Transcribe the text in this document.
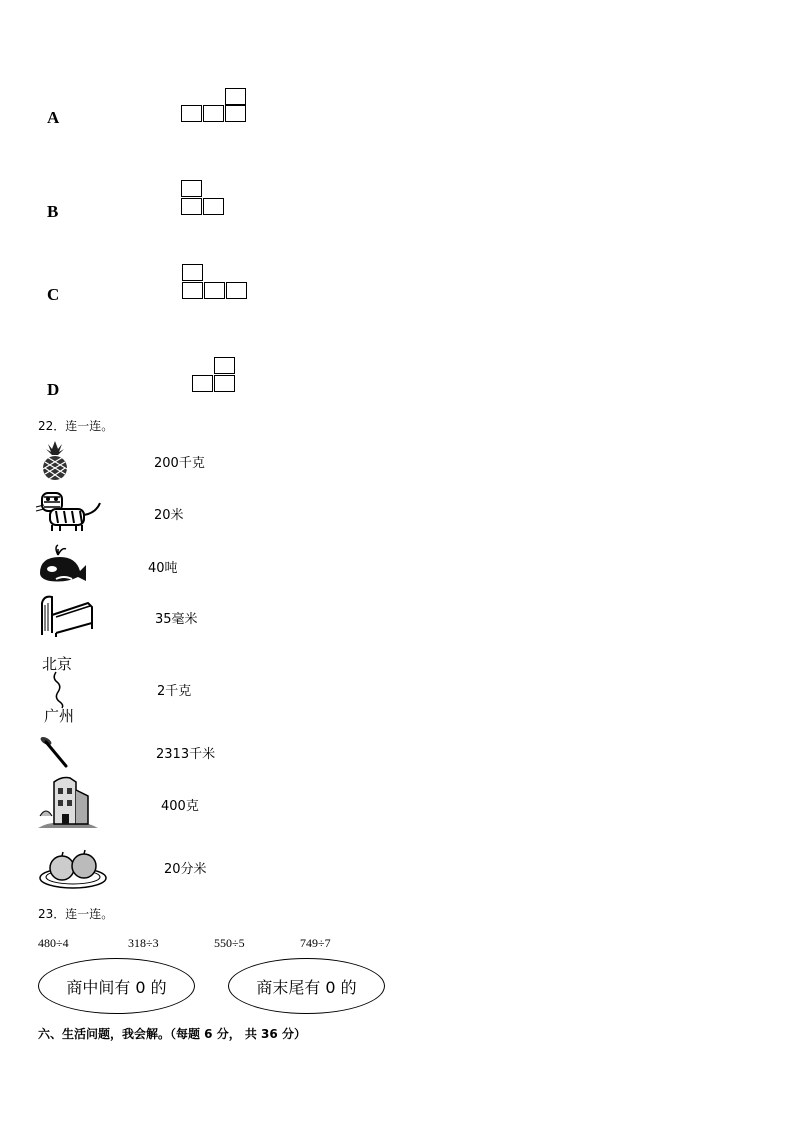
A
B
C
D
22．连一连。
200千克
20米
40吨
35毫米
北京
广州
2千克
2313千米
400克
20分米
23．连一连。
480÷4	318÷3	550÷5	749÷7
商中间有 0 的	商末尾有 0 的
六、生活问题，我会解。（每题 6 分， 共 36 分）
